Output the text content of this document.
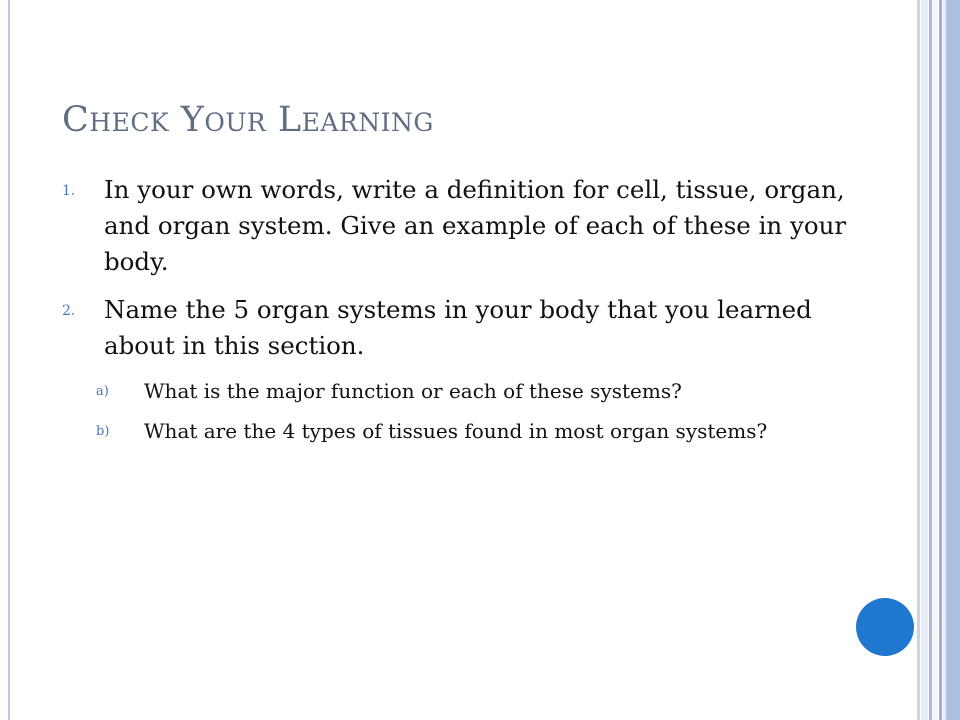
Check Your Learning
1. In your own words, write a definition for cell, tissue, organ, and organ system. Give an example of each of these in your body.
2. Name the 5 organ systems in your body that you learned about in this section.
a) What is the major function or each of these systems?
b) What are the 4 types of tissues found in most organ systems?
